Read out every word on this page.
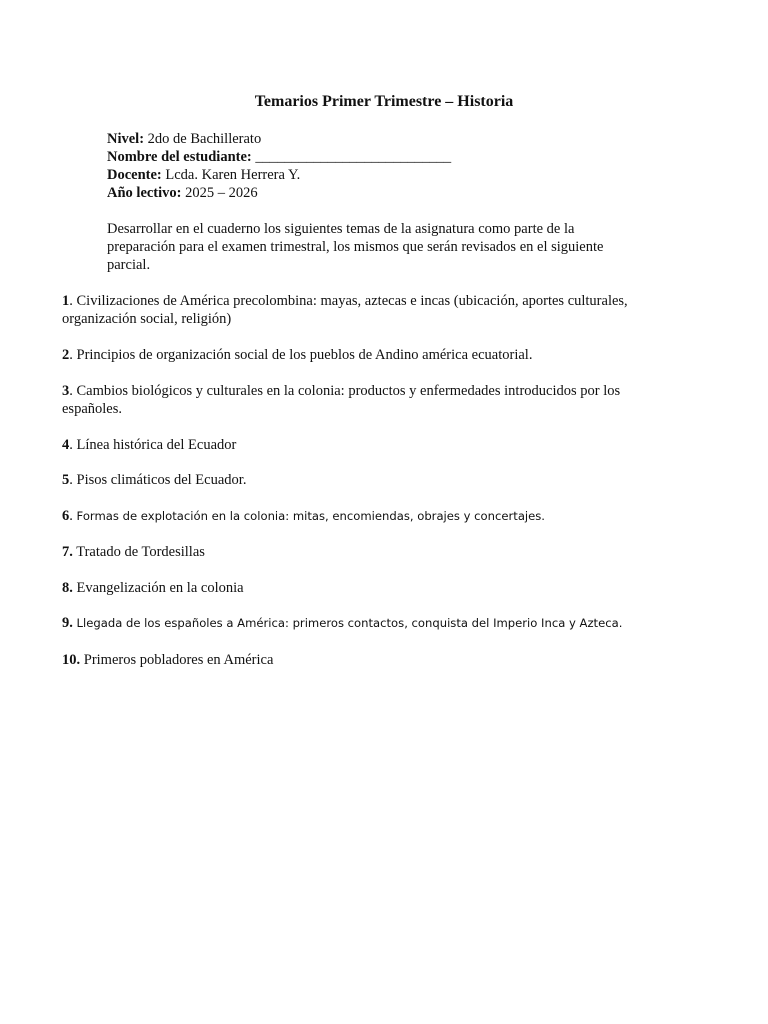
Temarios Primer Trimestre – Historia
Nivel: 2do de Bachillerato
Nombre del estudiante: ___________________________
Docente: Lcda. Karen Herrera Y.
Año lectivo: 2025 – 2026
Desarrollar en el cuaderno los siguientes temas de la asignatura como parte de la preparación para el examen trimestral, los mismos que serán revisados en el siguiente parcial.
1. Civilizaciones de América precolombina: mayas, aztecas e incas (ubicación, aportes culturales, organización social, religión)
2. Principios de organización social de los pueblos de Andino américa ecuatorial.
3. Cambios biológicos y culturales en la colonia: productos y enfermedades introducidos por los españoles.
4. Línea histórica del Ecuador
5. Pisos climáticos del Ecuador.
6. Formas de explotación en la colonia: mitas, encomiendas, obrajes y concertajes.
7. Tratado de Tordesillas
8. Evangelización en la colonia
9. Llegada de los españoles a América: primeros contactos, conquista del Imperio Inca y Azteca.
10. Primeros pobladores en América
